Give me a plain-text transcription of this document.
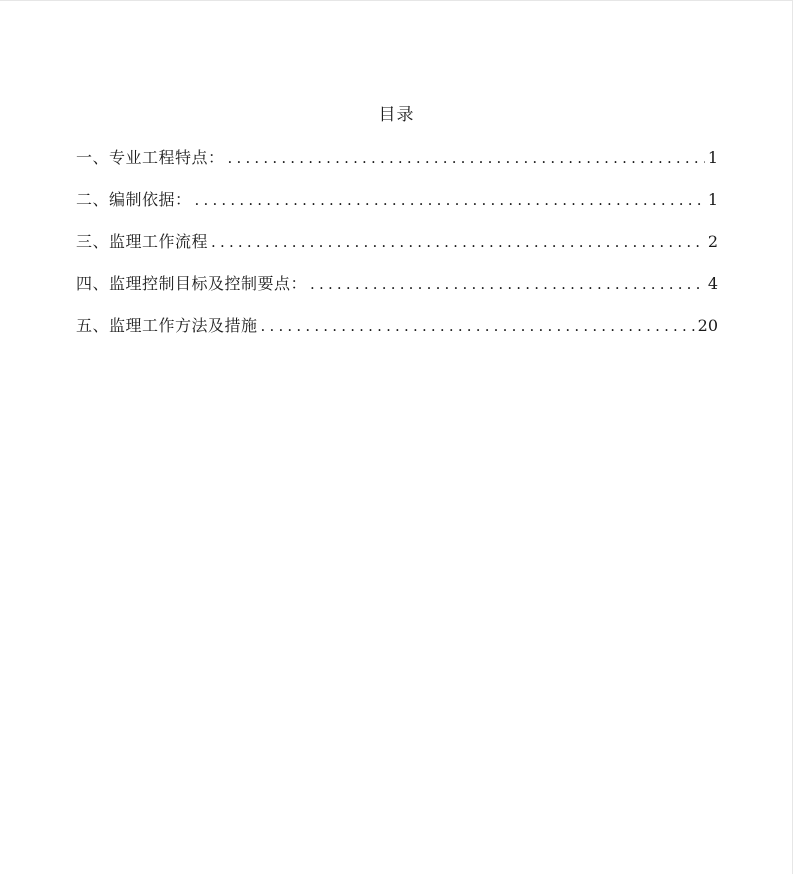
目录
一、专业工程特点： .....	1
二、编制依据： .....	1
三、监理工作流程 .....	2
四、监理控制目标及控制要点： .....	4
五、监理工作方法及措施 .....	20
